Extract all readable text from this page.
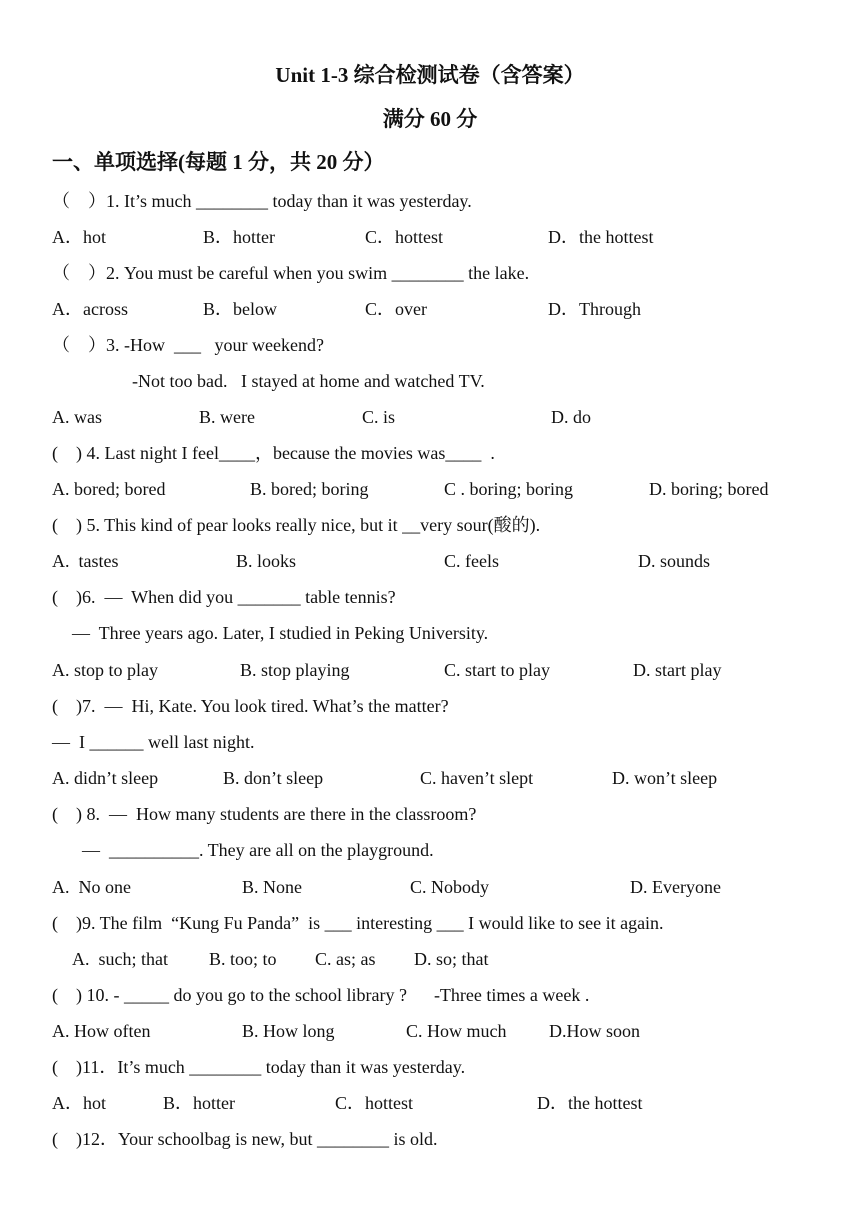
Unit 1-3 综合检测试卷（含答案）
满分 60 分
一、单项选择(每题 1 分，共 20 分）
（    ）1. It’s much ________ today than it was yesterday.
A．hot	B．hotter	C．hottest	D．the hottest
（    ）2. You must be careful when you swim ________ the lake.
A．across	B．below	C．over	D．Through
（    ）3. -How  ___   your weekend?
-Not too bad.   I stayed at home and watched TV.
A. was	B. were	C. is	D. do
(    ) 4. Last night I feel____，because the movies was____  .
A. bored; bored	B. bored; boring	C . boring; boring	D. boring; bored
(    ) 5. This kind of pear looks really nice, but it __very sour(酸的).
A.  tastes	B. looks	C. feels	D. sounds
(    )6.  —  When did you _______ table tennis?
—  Three years ago. Later, I studied in Peking University.
A. stop to play	B. stop playing	C. start to play	D. start play
(    )7.  —  Hi, Kate. You look tired. What’s the matter?
—  I ______ well last night.
A. didn’t sleep	B. don’t sleep	C. haven’t slept	D. won’t sleep
(    ) 8.  —  How many students are there in the classroom?
—  __________. They are all on the playground.
A.  No one	B. None	C. Nobody	D. Everyone
(    )9. The film  “Kung Fu Panda”  is ___ interesting ___ I would like to see it again.
A.  such; that B. too; to C. as; as D. so; that
(    ) 10. - _____ do you go to the school library ?      -Three times a week .
A. How often	B. How long	C. How much D.How soon
(    )11．It’s much ________ today than it was yesterday.
A．hot	B．hotter	C．hottest	D．the hottest
(    )12．Your schoolbag is new, but ________ is old.
